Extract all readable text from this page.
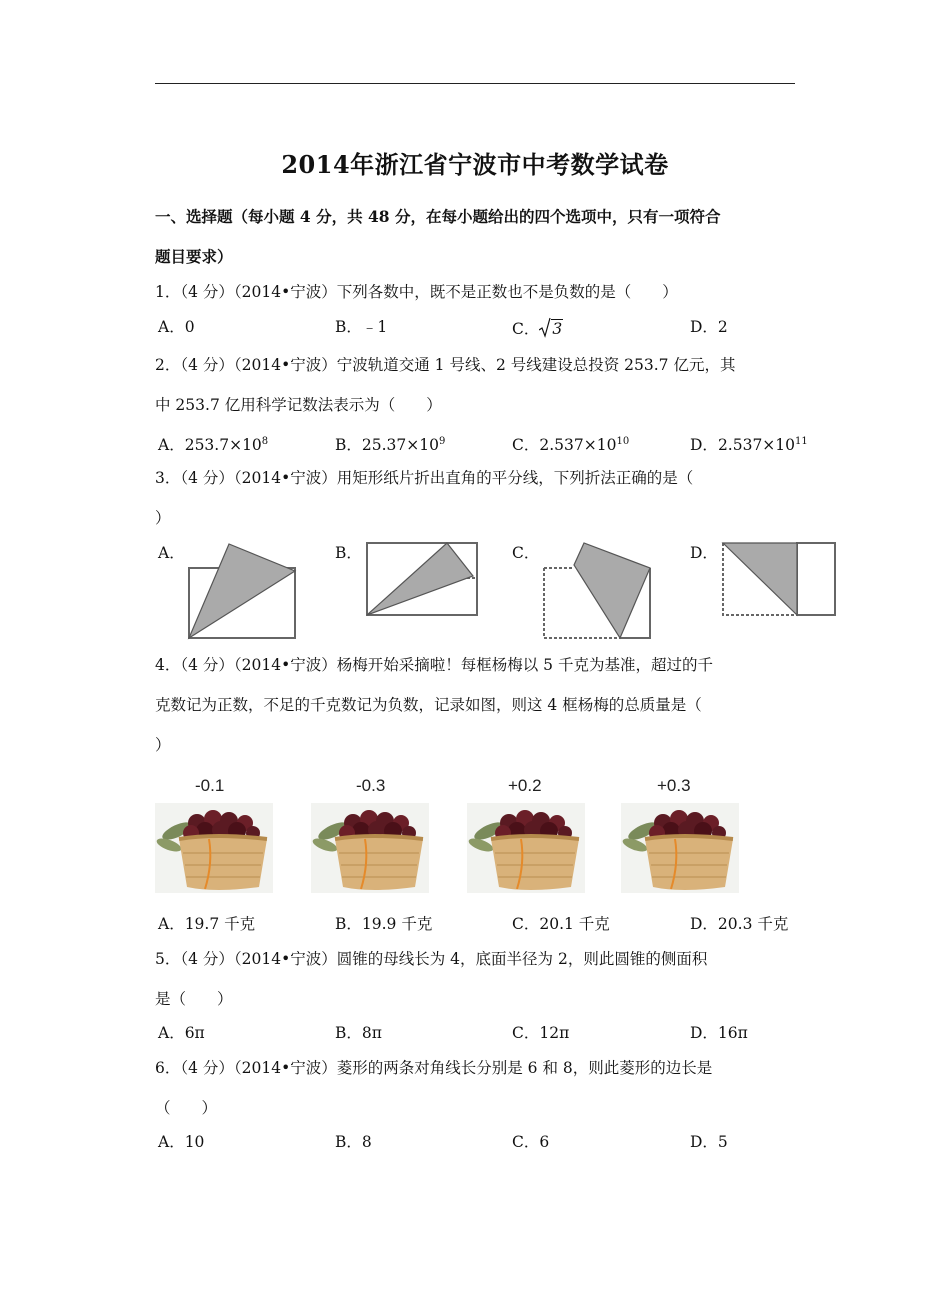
2014年浙江省宁波市中考数学试卷
一、选择题（每小题 4 分，共 48 分，在每小题给出的四个选项中，只有一项符合
题目要求）
1．（4 分）（2014•宁波）下列各数中，既不是正数也不是负数的是（　　）
A．0	B．﹣1	C． 3	D．2
2．（4 分）（2014•宁波）宁波轨道交通 1 号线、2 号线建设总投资 253.7 亿元，其
中 253.7 亿用科学记数法表示为（　　）
A．$253.7\times 10^8$	B．$25.37\times 10^9$	C．$2.537\times 10^{10}$	D．$2.537\times 10^{11}$
3．（4 分）（2014•宁波）用矩形纸片折出直角的平分线，下列折法正确的是（
）
A．	B．	C．	D．
4．（4 分）（2014•宁波）杨梅开始采摘啦！每框杨梅以 5 千克为基准，超过的千
克数记为正数，不足的千克数记为负数，记录如图，则这 4 框杨梅的总质量是（
）
-0.1	-0.3	+0.2	+0.3
A．19.7 千克	B．19.9 千克	C．20.1 千克	D．20.3 千克
5．（4 分）（2014•宁波）圆锥的母线长为 4，底面半径为 2，则此圆锥的侧面积
是（　　）
A．6π	B．8π	C．12π	D．16π
6．（4 分）（2014•宁波）菱形的两条对角线长分别是 6 和 8，则此菱形的边长是
（　　）
A．10	B．8	C．6	D．5
